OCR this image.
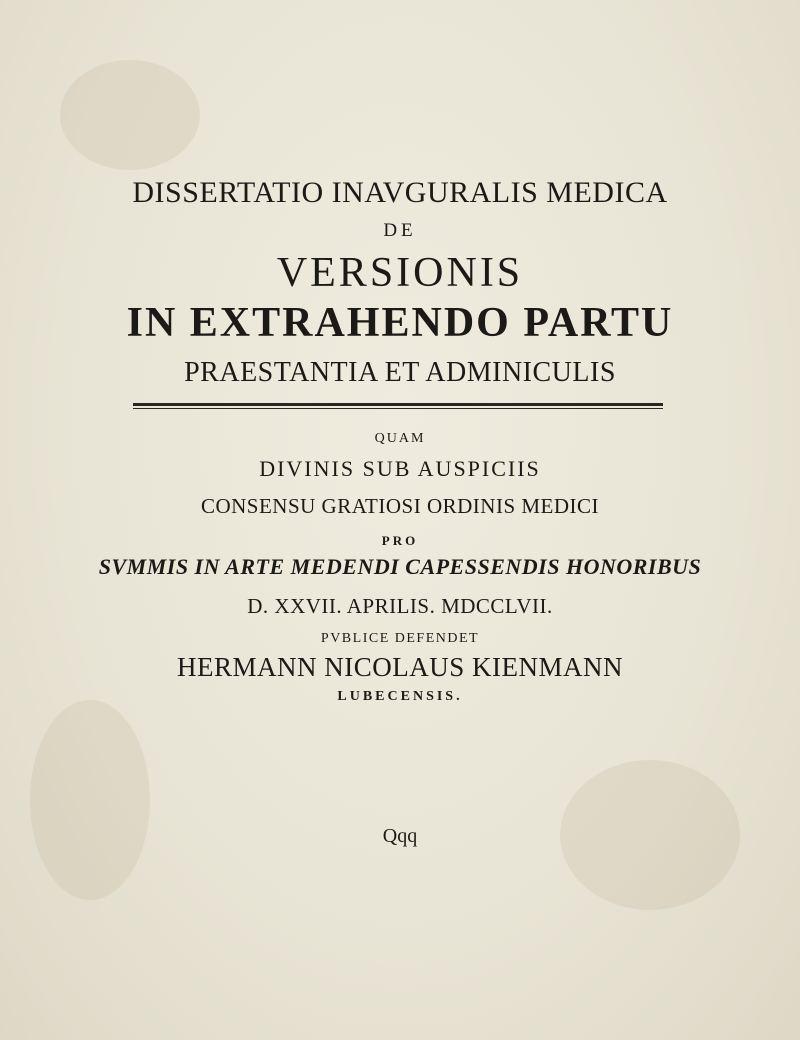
DISSERTATIO INAVGURALIS MEDICA
DE
VERSIONIS
IN EXTRAHENDO PARTU
PRAESTANTIA ET ADMINICULIS
QUAM
DIVINIS SUB AUSPICIIS
CONSENSU GRATIOSI ORDINIS MEDICI
PRO
SVMMIS IN ARTE MEDENDI CAPESSENDIS HONORIBUS
D. XXVII. APRILIS. MDCCLVII.
PVBLICE DEFENDET
HERMANN NICOLAUS KIENMANN
LUBECENSIS.
Qqq
